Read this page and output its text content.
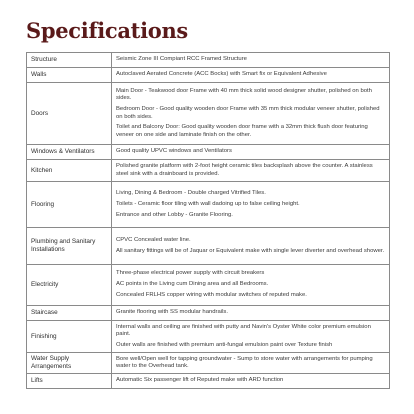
Specifications
Structure	Seismic Zone III Compiant RCC Framed Structure

Walls	Autoclaved Aerated Concrete (ACC Bocks) with Smart fix or Equivalent Adhesive

Doors	Main Door - Teakwood door Frame with 40 mm thick solid wood designer shutter, polished on both sides.

Bedroom Door - Good quality wooden door Frame with 35 mm thick modular veneer shutter, polished on both sides.

Toilet and Balcony Door: Good quality wooden door frame with a 32mm thick flush door featuring veneer on one side and laminate finish on the other.

Windows & Ventilators	Good quality UPVC windows and Ventilators

Kitchen	Polished granite platform with 2-foot height ceramic tiles backsplash above the counter. A stainless steel sink with a drainboard is provided.

Flooring	Living, Dining & Bedroom - Double charged Vitrified Tiles.

Toilets - Ceramic floor tiling with wall dadoing up to false ceiling height.

Entrance and other Lobby - Granite Flooring.

Plumbing and Sanitary Installations	CPVC Concealed water line.

All sanitary fittings will be of Jaquar or Equivalent make with single lever diverter and overhead shower.

Electricity	Three-phase electrical power supply with circuit breakers

AC points in the Living cum Dining area and all Bedrooms.

Concealed FRLHS copper wiring with modular switches of reputed make.

Staircase	Granite flooring with SS modular handrails.

Finishing	Internal walls and ceiling are finished with putty and Navin's Oyster White color premium emulsion paint.

Outer walls are finished with premium anti-fungal emulsion paint over Texture finish

Water Supply Arrangements	Bore well/Open well for tapping groundwater - Sump to store water with arrangements for pumping water to the Overhead tank.

Lifts	Automatic Six passenger lift of Reputed make with ARD function
